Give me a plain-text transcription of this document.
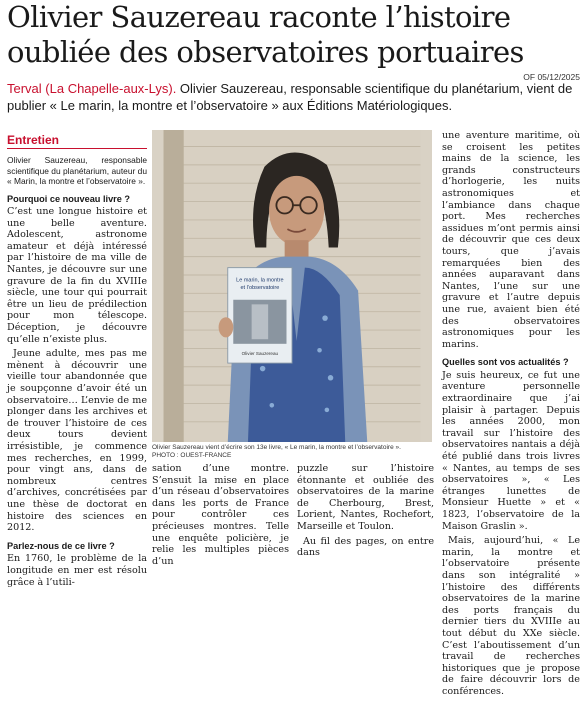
Olivier Sauzereau raconte l’histoire oubliée des observatoires portuaires
OF 05/12/2025
Terval (La Chapelle-aux-Lys). Olivier Sauzereau, responsable scientifique du planétarium, vient de publier « Le marin, la montre et l’observatoire » aux Éditions Matériologiques.
Entretien

Olivier Sauzereau, responsable scientifique du planétarium, auteur du « Marin, la montre et l’observatoire ».

Pourquoi ce nouveau livre ?

C’est une longue histoire et une belle aventure. Adolescent, astronome amateur et déjà intéressé par l’histoire de ma ville de Nantes, je découvre sur une gravure de la fin du XVIIIe siècle, une tour qui pourrait être un lieu de prédilection pour mon télescope. Déception, je découvre qu’elle n’existe plus.

Jeune adulte, mes pas me mènent à découvrir une vieille tour abandonnée que je soupçonne d’avoir été un observatoire… L’envie de me plonger dans les archives et de trouver l’histoire de ces deux tours devient irrésistible, je commence mes recherches, en 1999, pour vingt ans, dans de nombreux centres d’archives, concrétisées par une thèse de doctorat en histoire des sciences en 2012.

Parlez-nous de ce livre ?

En 1760, le problème de la longitude en mer est résolu grâce à l’utili-

Le marin, la montre
et l’observatoire
Olivier Sauzereau
Olivier Sauzereau vient d’écrire son 13e livre, « Le marin, la montre et l’observatoire ».
PHOTO : OUEST-FRANCE

sation d’une montre. S’ensuit la mise en place d’un réseau d’observatoires dans les ports de France pour contrôler ces précieuses montres. Telle une enquête policière, je relie les multiples pièces d’un

puzzle sur l’histoire étonnante et oubliée des observatoires de la marine de Cherbourg, Brest, Lorient, Nantes, Rochefort, Marseille et Toulon.

Au fil des pages, on entre dans

une aventure maritime, où se croisent les petites mains de la science, les grands constructeurs d’horlogerie, les nuits astronomiques et l’ambiance dans chaque port. Mes recherches assidues m’ont permis ainsi de découvrir que ces deux tours, que j’avais remarquées bien des années auparavant dans Nantes, l’une sur une gravure et l’autre depuis une rue, avaient bien été des observatoires astronomiques pour les marins.

Quelles sont vos actualités ?

Je suis heureux, ce fut une aventure personnelle extraordinaire que j’ai plaisir à partager. Depuis les années 2000, mon travail sur l’histoire des observatoires nantais a déjà été publié dans trois livres « Nantes, au temps de ses observatoires », « Les étranges lunettes de Monsieur Huette » et « 1823, l’observatoire de la Maison Graslin ».

Mais, aujourd’hui, « Le marin, la montre et l’observatoire présente dans son intégralité » l’histoire des différents observatoires de la marine des ports français du dernier tiers du XVIIIe au tout début du XXe siècle. C’est l’aboutissement d’un travail de recherches historiques que je propose de faire découvrir lors de conférences.
